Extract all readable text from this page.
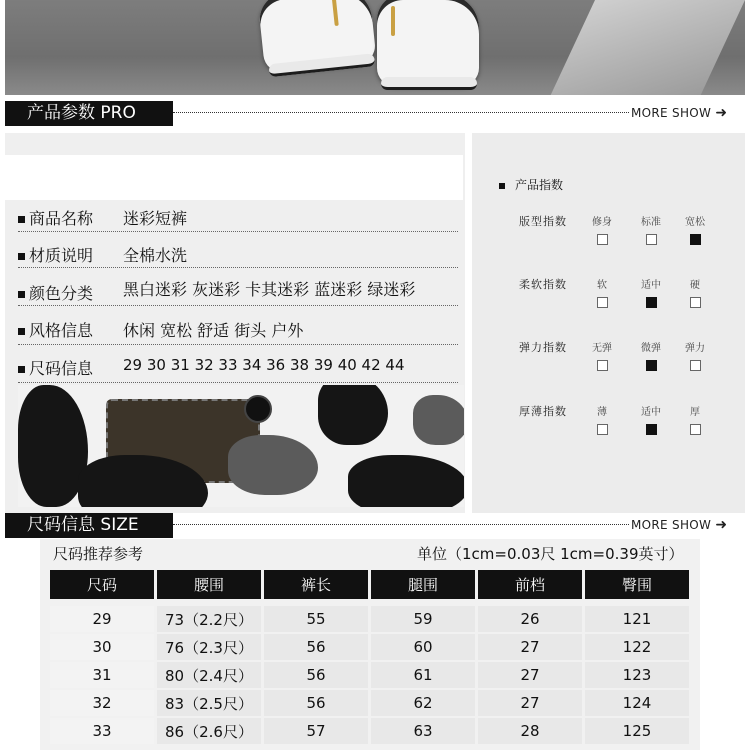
产品参数 PRO	MORE SHOW ➜
商品名称 迷彩短裤
材质说明 全棉水洗
颜色分类 黑白迷彩 灰迷彩 卡其迷彩 蓝迷彩 绿迷彩
风格信息 休闲 宽松 舒适 街头 户外
尺码信息 29 30 31 32 33 34 36 38 39 40 42 44
产品指数
版型指数	修身	标准	宽松
柔软指数	软	适中	硬
弹力指数	无弹	微弹	弹力
厚薄指数	薄	适中	厚
尺码信息 SIZE	MORE SHOW ➜
尺码推荐参考	单位（1cm=0.03尺 1cm=0.39英寸）
尺码	腰围	裤长	腿围	前档	臀围

29	73（2.2尺）	55	59	26	121
30	76（2.3尺）	56	60	27	122
31	80（2.4尺）	56	61	27	123
32	83（2.5尺）	56	62	27	124
33	86（2.6尺）	57	63	28	125
